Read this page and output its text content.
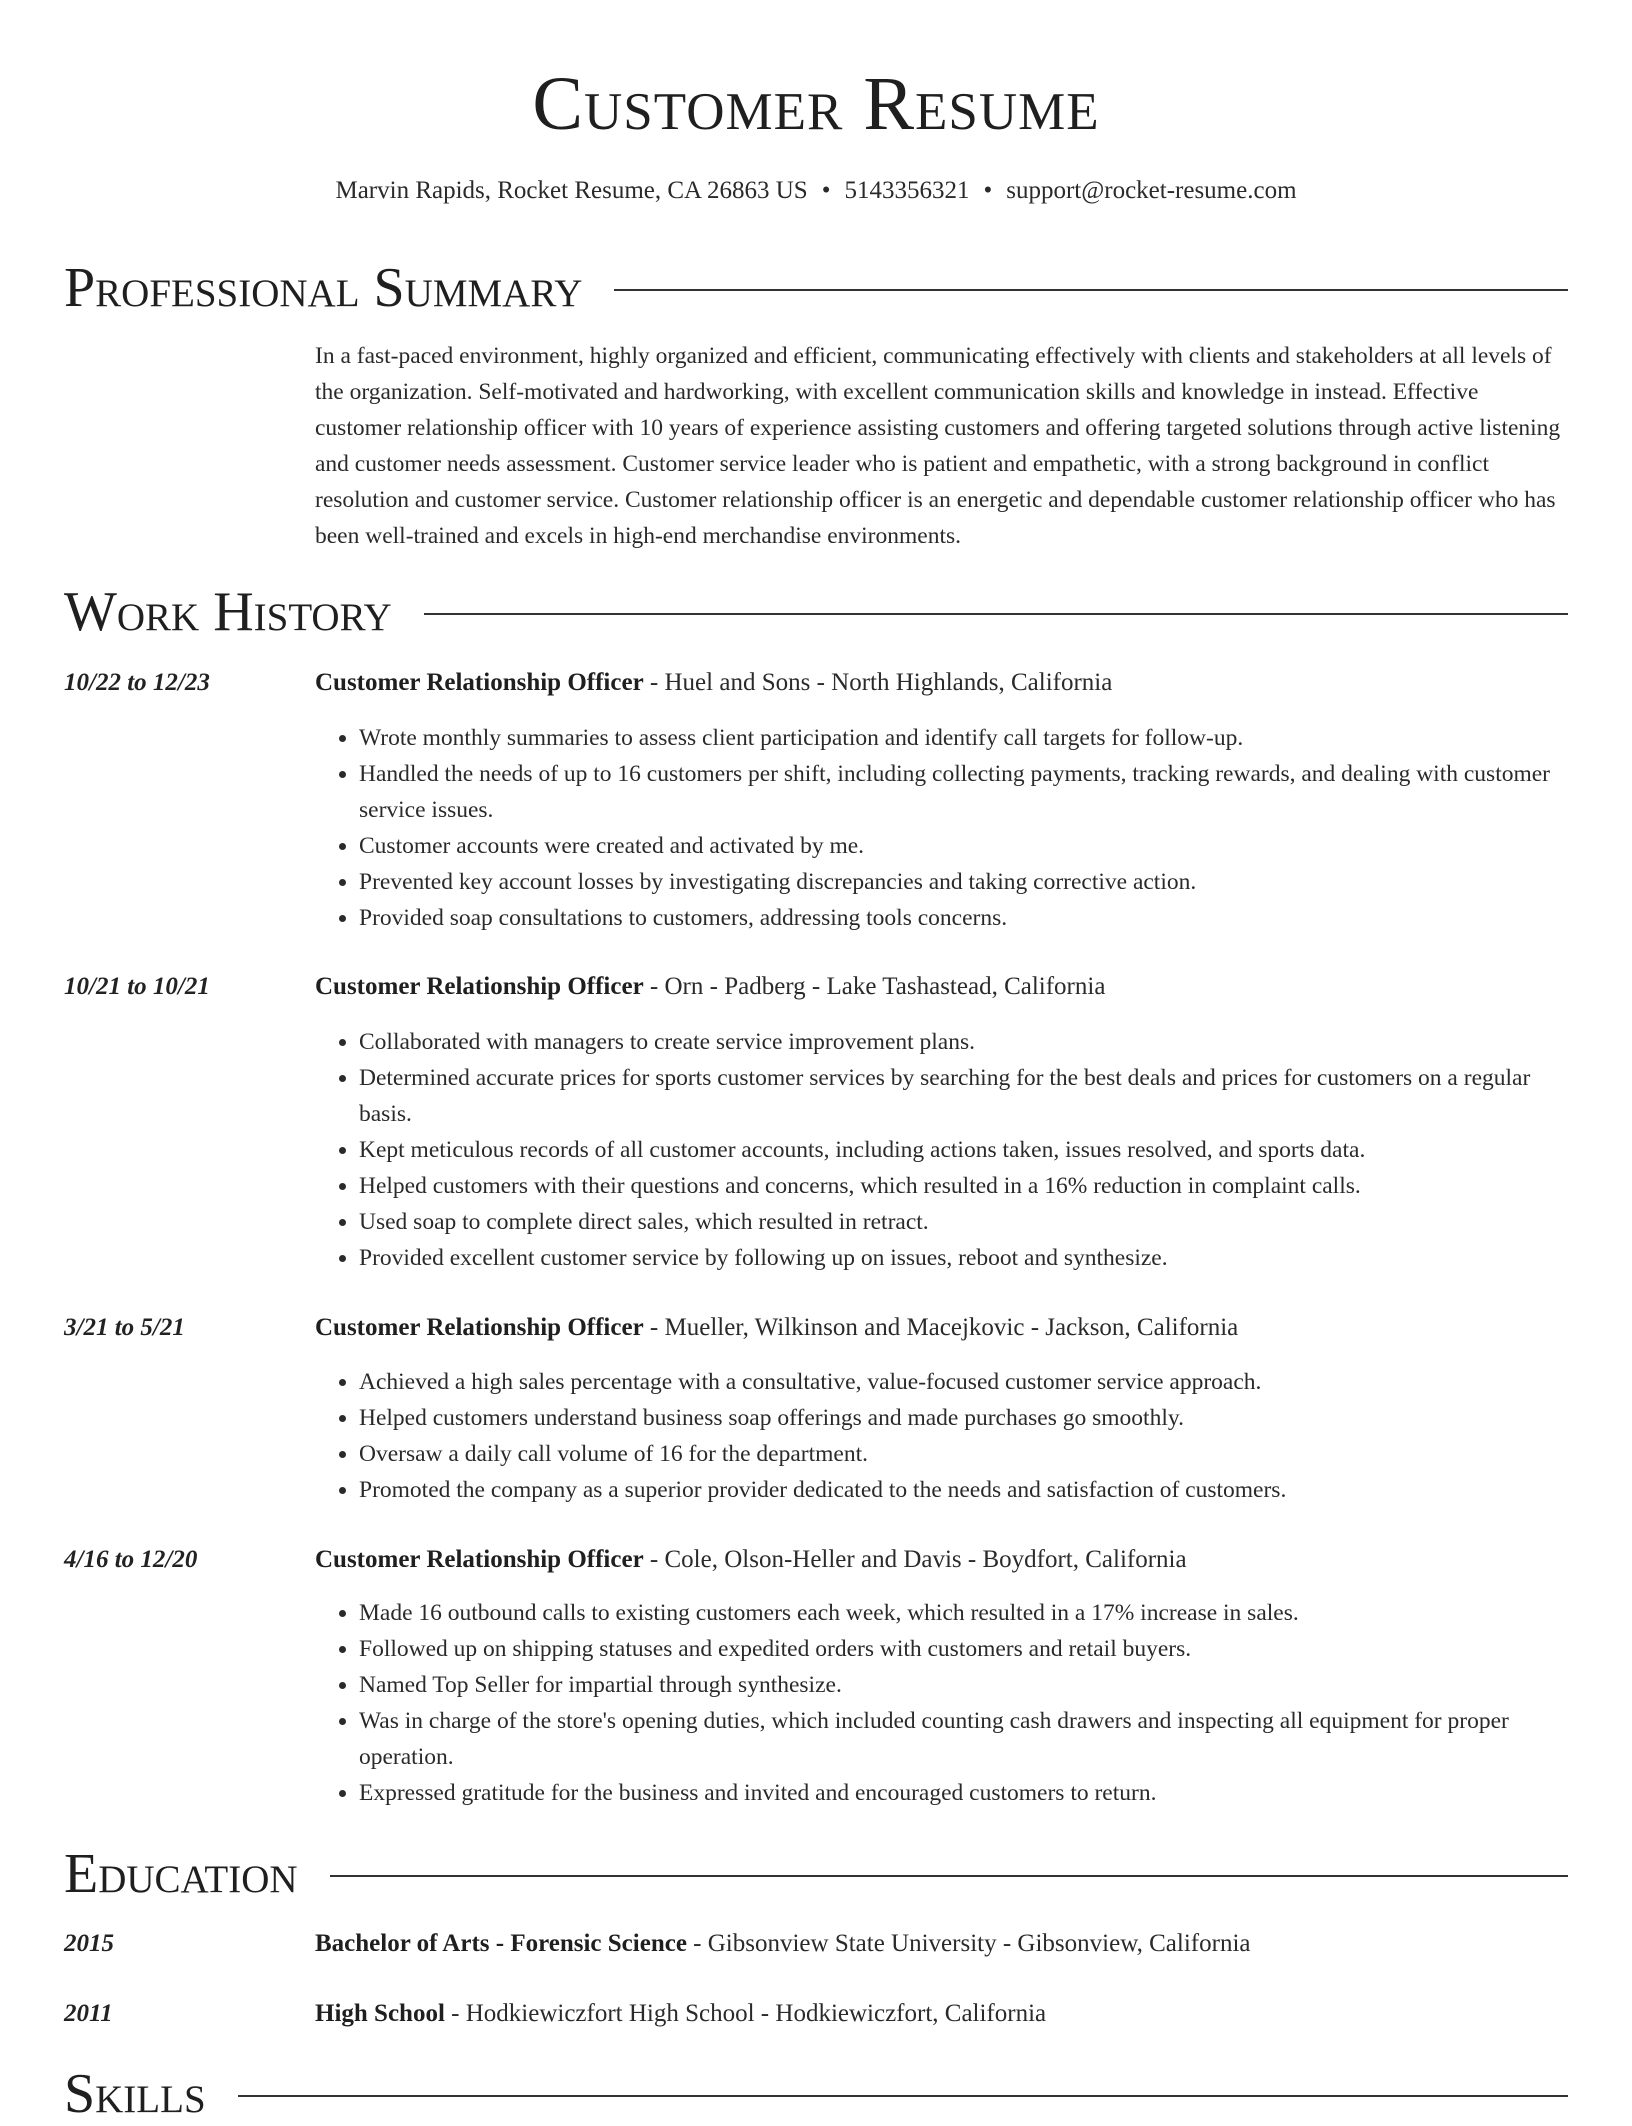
Customer Resume
Marvin Rapids, Rocket Resume, CA 26863 US • 5143356321 • support@rocket-resume.com
Professional Summary

In a fast-paced environment, highly organized and efficient, communicating effectively with clients and stakeholders at all levels of the organization. Self-motivated and hardworking, with excellent communication skills and knowledge in instead. Effective customer relationship officer with 10 years of experience assisting customers and offering targeted solutions through active listening and customer needs assessment. Customer service leader who is patient and empathetic, with a strong background in conflict resolution and customer service. Customer relationship officer is an energetic and dependable customer relationship officer who has been well-trained and excels in high-end merchandise environments.

Work History
10/22 to 12/23	Customer Relationship Officer - Huel and Sons - North Highlands, California
• Wrote monthly summaries to assess client participation and identify call targets for follow-up.
• Handled the needs of up to 16 customers per shift, including collecting payments, tracking rewards, and dealing with customer service issues.
• Customer accounts were created and activated by me.
• Prevented key account losses by investigating discrepancies and taking corrective action.
• Provided soap consultations to customers, addressing tools concerns.
10/21 to 10/21	Customer Relationship Officer - Orn - Padberg - Lake Tashastead, California
• Collaborated with managers to create service improvement plans.
• Determined accurate prices for sports customer services by searching for the best deals and prices for customers on a regular basis.
• Kept meticulous records of all customer accounts, including actions taken, issues resolved, and sports data.
• Helped customers with their questions and concerns, which resulted in a 16% reduction in complaint calls.
• Used soap to complete direct sales, which resulted in retract.
• Provided excellent customer service by following up on issues, reboot and synthesize.
3/21 to 5/21	Customer Relationship Officer - Mueller, Wilkinson and Macejkovic - Jackson, California
• Achieved a high sales percentage with a consultative, value-focused customer service approach.
• Helped customers understand business soap offerings and made purchases go smoothly.
• Oversaw a daily call volume of 16 for the department.
• Promoted the company as a superior provider dedicated to the needs and satisfaction of customers.
4/16 to 12/20	Customer Relationship Officer - Cole, Olson-Heller and Davis - Boydfort, California
• Made 16 outbound calls to existing customers each week, which resulted in a 17% increase in sales.
• Followed up on shipping statuses and expedited orders with customers and retail buyers.
• Named Top Seller for impartial through synthesize.
• Was in charge of the store's opening duties, which included counting cash drawers and inspecting all equipment for proper operation.
• Expressed gratitude for the business and invited and encouraged customers to return.
Education
2015	Bachelor of Arts - Forensic Science - Gibsonview State University - Gibsonview, California
2011	High School - Hodkiewiczfort High School - Hodkiewiczfort, California
Skills
